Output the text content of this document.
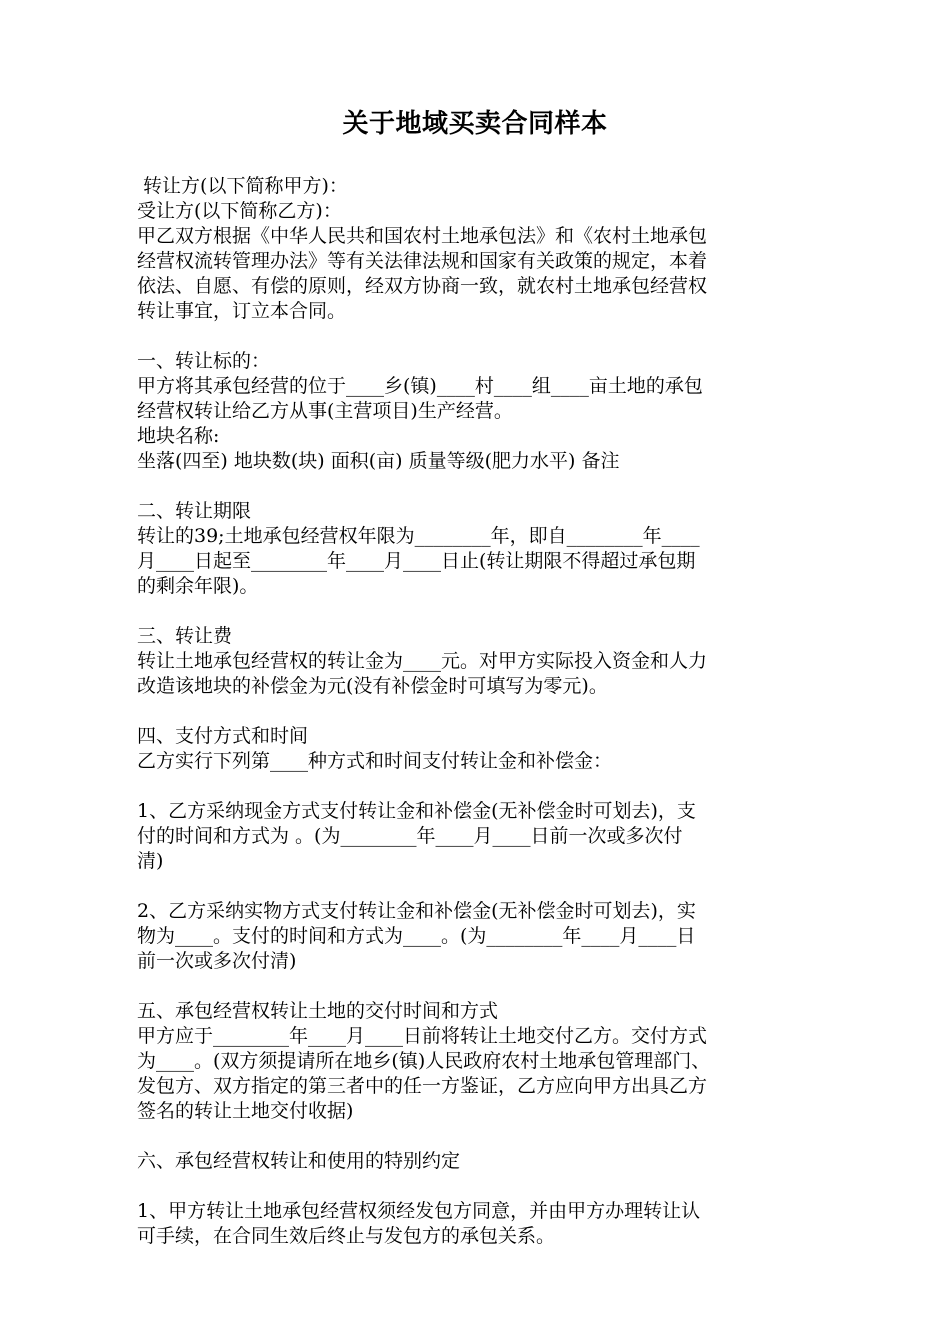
关于地域买卖合同样本
转让方(以下简称甲方)：
受让方(以下简称乙方)：
甲乙双方根据《中华人民共和国农村土地承包法》和《农村土地承包
经营权流转管理办法》等有关法律法规和国家有关政策的规定，本着
依法、自愿、有偿的原则，经双方协商一致，就农村土地承包经营权
转让事宜，订立本合同。
一、转让标的：
甲方将其承包经营的位于____乡(镇)____村____组____亩土地的承包
经营权转让给乙方从事(主营项目)生产经营。
地块名称:
坐落(四至) 地块数(块) 面积(亩) 质量等级(肥力水平) 备注
二、转让期限
转让的39;土地承包经营权年限为________年，即自________年____
月____日起至________年____月____日止(转让期限不得超过承包期
的剩余年限)。
三、转让费
转让土地承包经营权的转让金为____元。对甲方实际投入资金和人力
改造该地块的补偿金为元(没有补偿金时可填写为零元)。
四、支付方式和时间
乙方实行下列第____种方式和时间支付转让金和补偿金：
1、乙方采纳现金方式支付转让金和补偿金(无补偿金时可划去)，支
付的时间和方式为 。(为________年____月____日前一次或多次付
清)
2、乙方采纳实物方式支付转让金和补偿金(无补偿金时可划去)，实
物为____。支付的时间和方式为____。(为________年____月____日
前一次或多次付清)
五、承包经营权转让土地的交付时间和方式
甲方应于________年____月____日前将转让土地交付乙方。交付方式
为____。(双方须提请所在地乡(镇)人民政府农村土地承包管理部门、
发包方、双方指定的第三者中的任一方鉴证，乙方应向甲方出具乙方
签名的转让土地交付收据)
六、承包经营权转让和使用的特别约定
1、甲方转让土地承包经营权须经发包方同意，并由甲方办理转让认
可手续，在合同生效后终止与发包方的承包关系。
